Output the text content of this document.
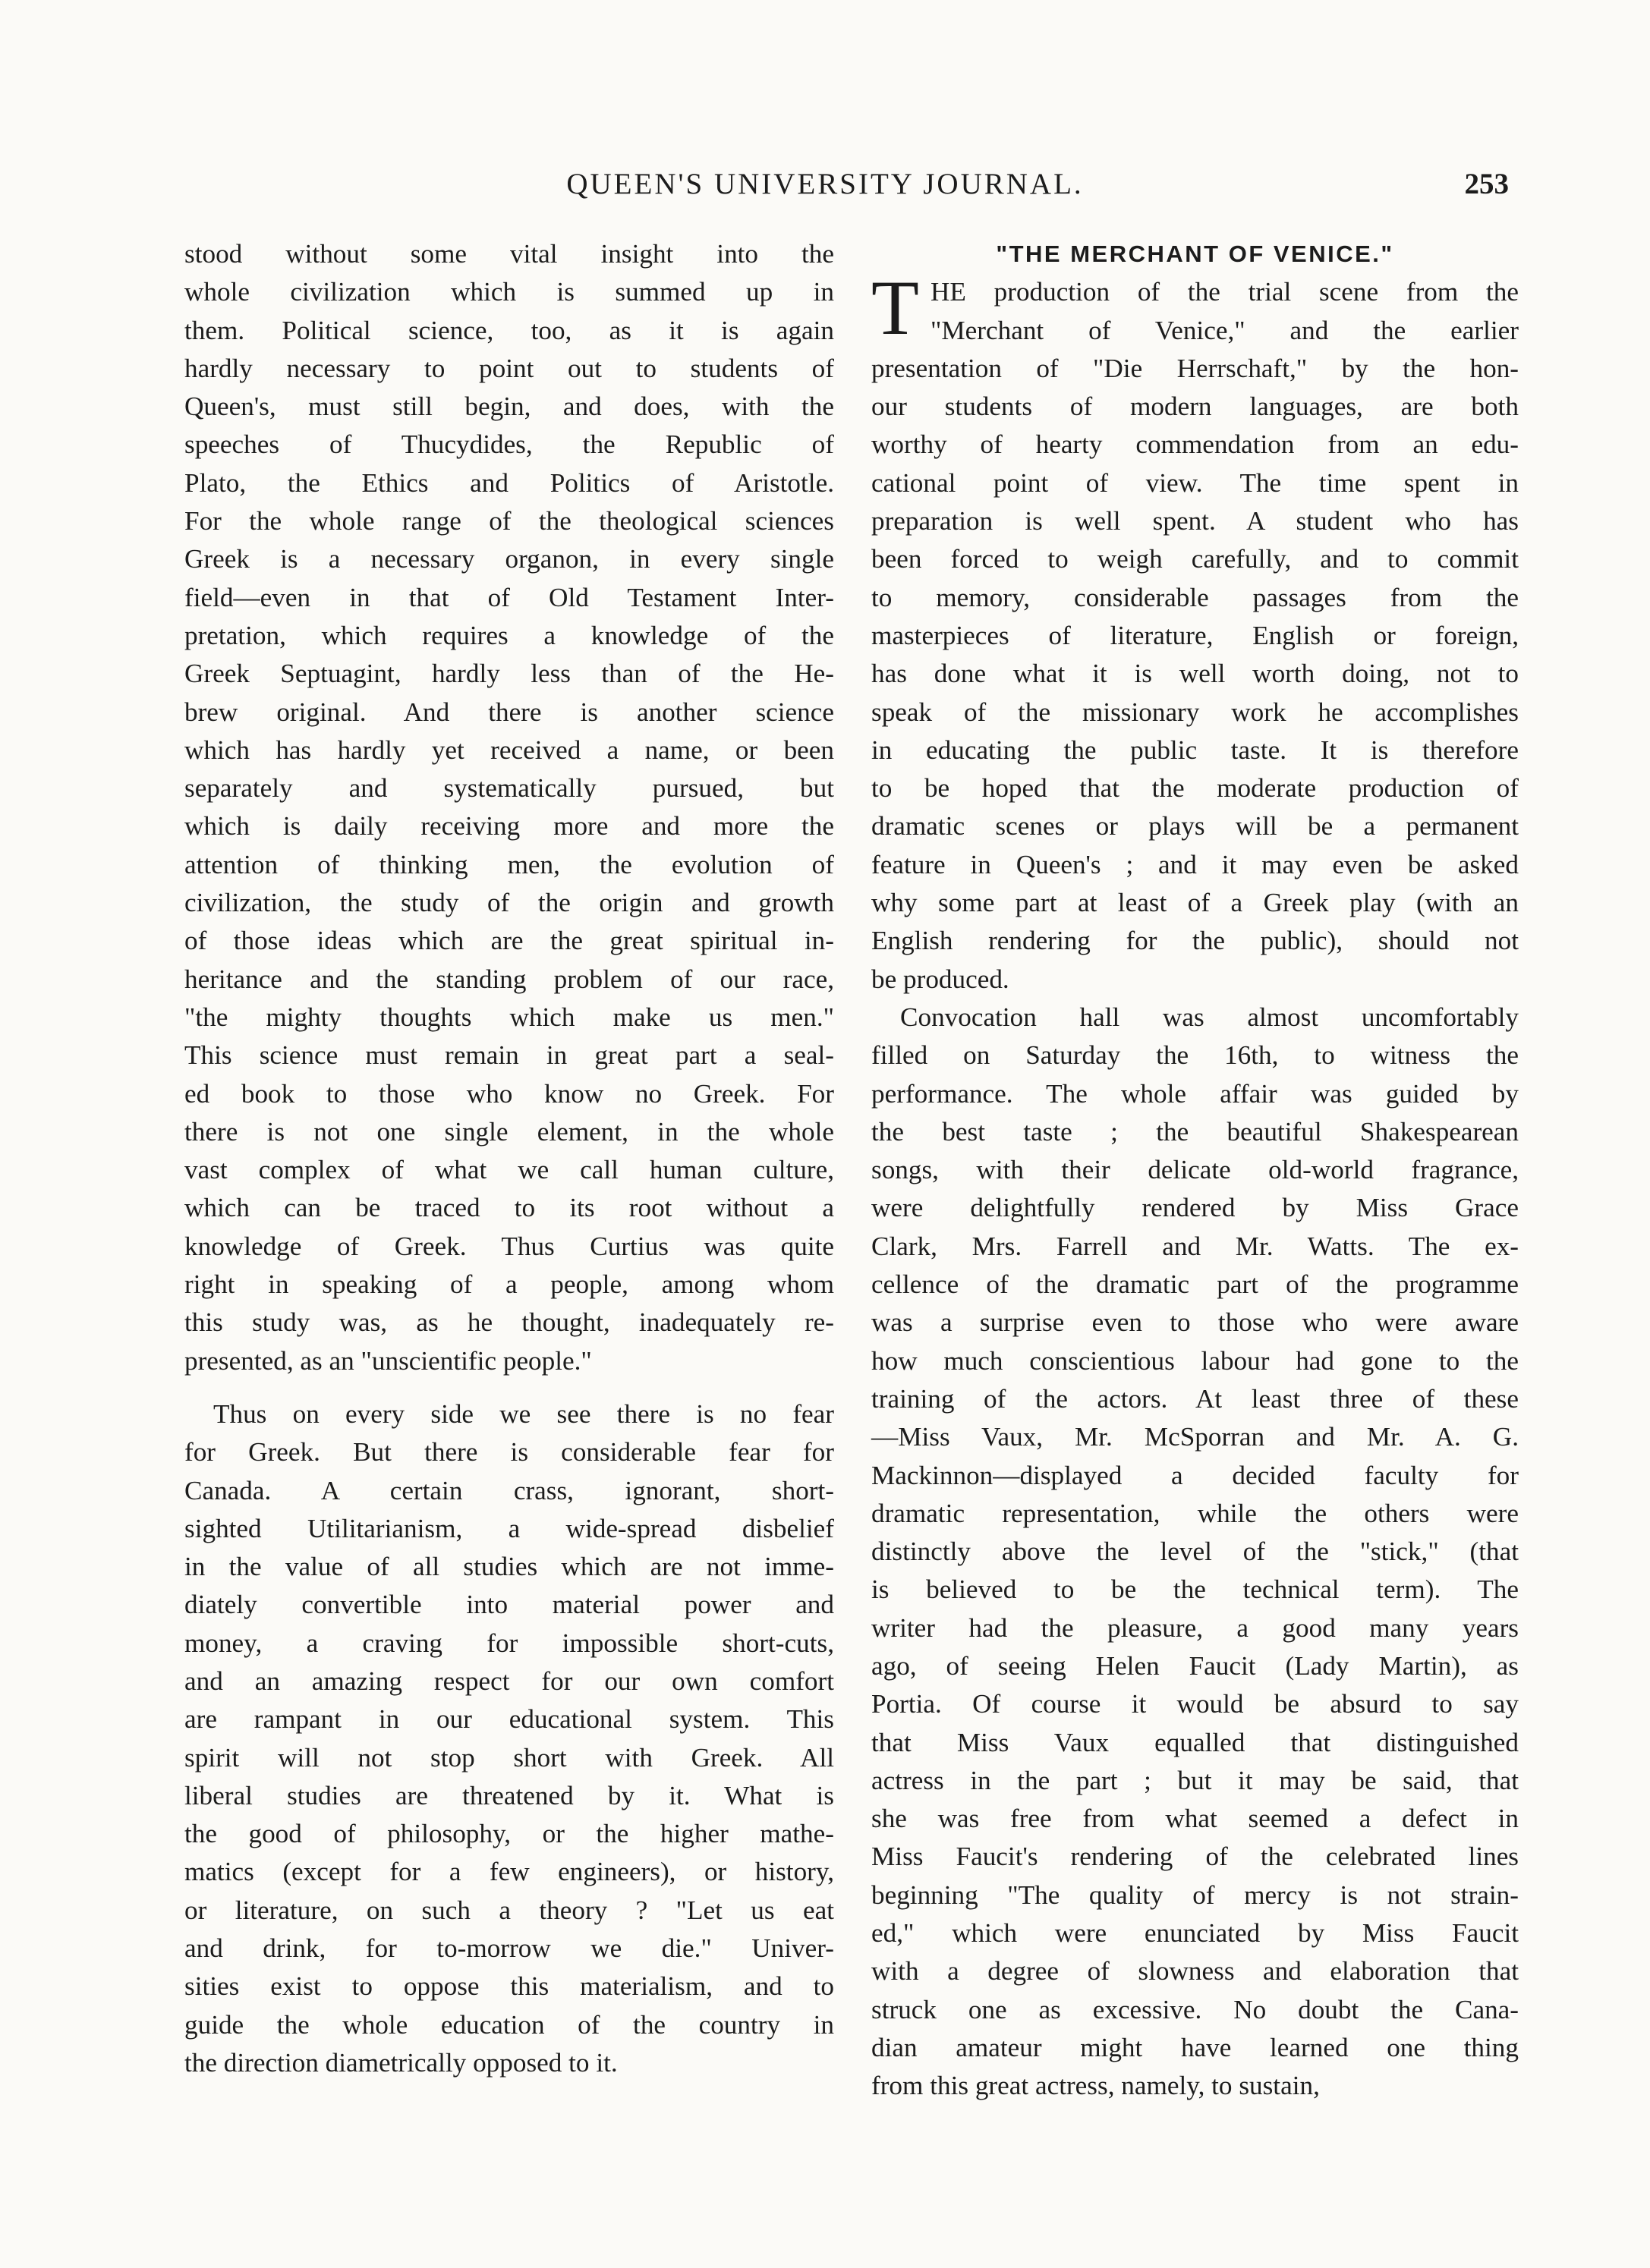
QUEEN'S UNIVERSITY JOURNAL.	253
stood without some vital insight into the
whole civilization which is summed up in
them. Political science, too, as it is again
hardly necessary to point out to students of
Queen's, must still begin, and does, with the
speeches of Thucydides, the Republic of
Plato, the Ethics and Politics of Aristotle.
For the whole range of the theological sciences
Greek is a necessary organon, in every single
field—even in that of Old Testament Inter-
pretation, which requires a knowledge of the
Greek Septuagint, hardly less than of the He-
brew original. And there is another science
which has hardly yet received a name, or been
separately and systematically pursued, but
which is daily receiving more and more the
attention of thinking men, the evolution of
civilization, the study of the origin and growth
of those ideas which are the great spiritual in-
heritance and the standing problem of our race,
"the mighty thoughts which make us men."
This science must remain in great part a seal-
ed book to those who know no Greek. For
there is not one single element, in the whole
vast complex of what we call human culture,
which can be traced to its root without a
knowledge of Greek. Thus Curtius was quite
right in speaking of a people, among whom
this study was, as he thought, inadequately re-
presented, as an "unscientific people."
Thus on every side we see there is no fear
for Greek. But there is considerable fear for
Canada. A certain crass, ignorant, short-
sighted Utilitarianism, a wide-spread disbelief
in the value of all studies which are not imme-
diately convertible into material power and
money, a craving for impossible short-cuts,
and an amazing respect for our own comfort
are rampant in our educational system. This
spirit will not stop short with Greek. All
liberal studies are threatened by it. What is
the good of philosophy, or the higher mathe-
matics (except for a few engineers), or history,
or literature, on such a theory ? "Let us eat
and drink, for to-morrow we die." Univer-
sities exist to oppose this materialism, and to
guide the whole education of the country in
the direction diametrically opposed to it.
"THE MERCHANT OF VENICE."
T HE production of the trial scene from the
"Merchant of Venice," and the earlier
presentation of "Die Herrschaft," by the hon-
our students of modern languages, are both
worthy of hearty commendation from an edu-
cational point of view. The time spent in
preparation is well spent. A student who has
been forced to weigh carefully, and to commit
to memory, considerable passages from the
masterpieces of literature, English or foreign,
has done what it is well worth doing, not to
speak of the missionary work he accomplishes
in educating the public taste. It is therefore
to be hoped that the moderate production of
dramatic scenes or plays will be a permanent
feature in Queen's ; and it may even be asked
why some part at least of a Greek play (with an
English rendering for the public), should not
be produced.
Convocation hall was almost uncomfortably
filled on Saturday the 16th, to witness the
performance. The whole affair was guided by
the best taste ; the beautiful Shakespearean
songs, with their delicate old-world fragrance,
were delightfully rendered by Miss Grace
Clark, Mrs. Farrell and Mr. Watts. The ex-
cellence of the dramatic part of the programme
was a surprise even to those who were aware
how much conscientious labour had gone to the
training of the actors. At least three of these
—Miss Vaux, Mr. McSporran and Mr. A. G.
Mackinnon—displayed a decided faculty for
dramatic representation, while the others were
distinctly above the level of the "stick," (that
is believed to be the technical term). The
writer had the pleasure, a good many years
ago, of seeing Helen Faucit (Lady Martin), as
Portia. Of course it would be absurd to say
that Miss Vaux equalled that distinguished
actress in the part ; but it may be said, that
she was free from what seemed a defect in
Miss Faucit's rendering of the celebrated lines
beginning "The quality of mercy is not strain-
ed," which were enunciated by Miss Faucit
with a degree of slowness and elaboration that
struck one as excessive. No doubt the Cana-
dian amateur might have learned one thing
from this great actress, namely, to sustain,
